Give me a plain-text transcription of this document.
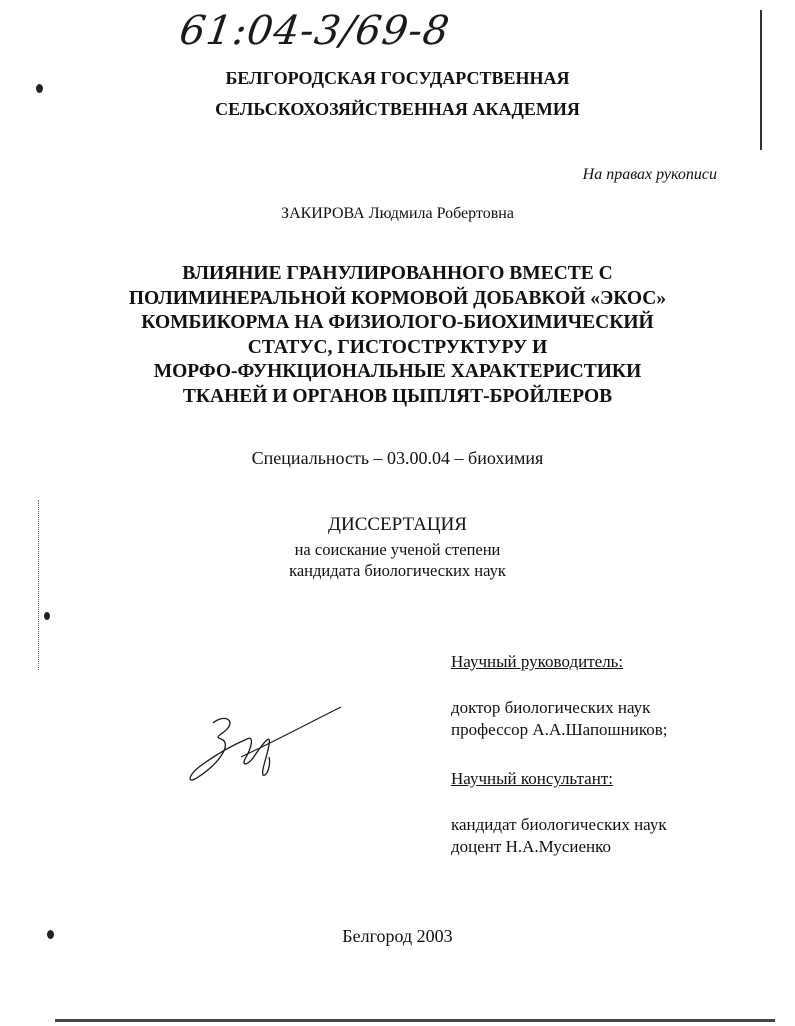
61:04-3/69-8
БЕЛГОРОДСКАЯ ГОСУДАРСТВЕННАЯ
СЕЛЬСКОХОЗЯЙСТВЕННАЯ АКАДЕМИЯ
На правах рукописи
ЗАКИРОВА Людмила Робертовна
ВЛИЯНИЕ ГРАНУЛИРОВАННОГО ВМЕСТЕ С
ПОЛИМИНЕРАЛЬНОЙ КОРМОВОЙ ДОБАВКОЙ «ЭКОС»
КОМБИКОРМА НА ФИЗИОЛОГО-БИОХИМИЧЕСКИЙ
СТАТУС, ГИСТОСТРУКТУРУ И
МОРФО-ФУНКЦИОНАЛЬНЫЕ ХАРАКТЕРИСТИКИ
ТКАНЕЙ И ОРГАНОВ ЦЫПЛЯТ-БРОЙЛЕРОВ
Специальность – 03.00.04 – биохимия
ДИССЕРТАЦИЯ
на соискание ученой степени
кандидата биологических наук
Научный руководитель:
доктор биологических наук
профессор А.А.Шапошников;
Научный консультант:
кандидат биологических наук
доцент Н.А.Мусиенко
Белгород 2003
